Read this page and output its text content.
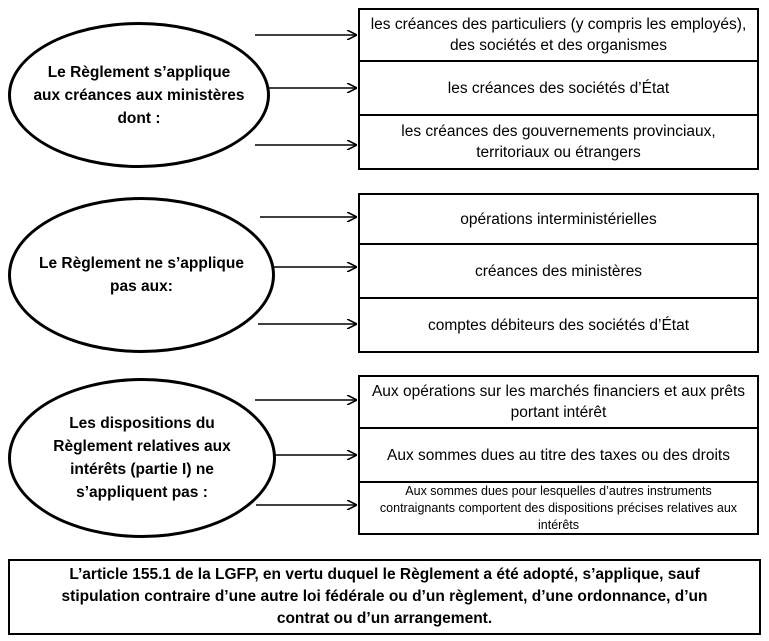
Le Règlement s’applique aux créances aux ministères dont :
les créances des particuliers (y compris les employés), des sociétés et des organismes
les créances des sociétés d’État
les créances des gouvernements provinciaux, territoriaux ou étrangers
Le Règlement ne s’applique pas aux:
opérations interministérielles
créances des ministères
comptes débiteurs des sociétés d’État
Les dispositions du Règlement relatives aux intérêts (partie I) ne s’appliquent pas :
Aux opérations sur les marchés financiers et aux prêts portant intérêt
Aux sommes dues au titre des taxes ou des droits
Aux sommes dues pour lesquelles d’autres instruments contraignants comportent des dispositions précises relatives aux intérêts
L’article 155.1 de la LGFP, en vertu duquel le Règlement a été adopté, s’applique, sauf stipulation contraire d’une autre loi fédérale ou d’un règlement, d’une ordonnance, d’un contrat ou d’un arrangement.
